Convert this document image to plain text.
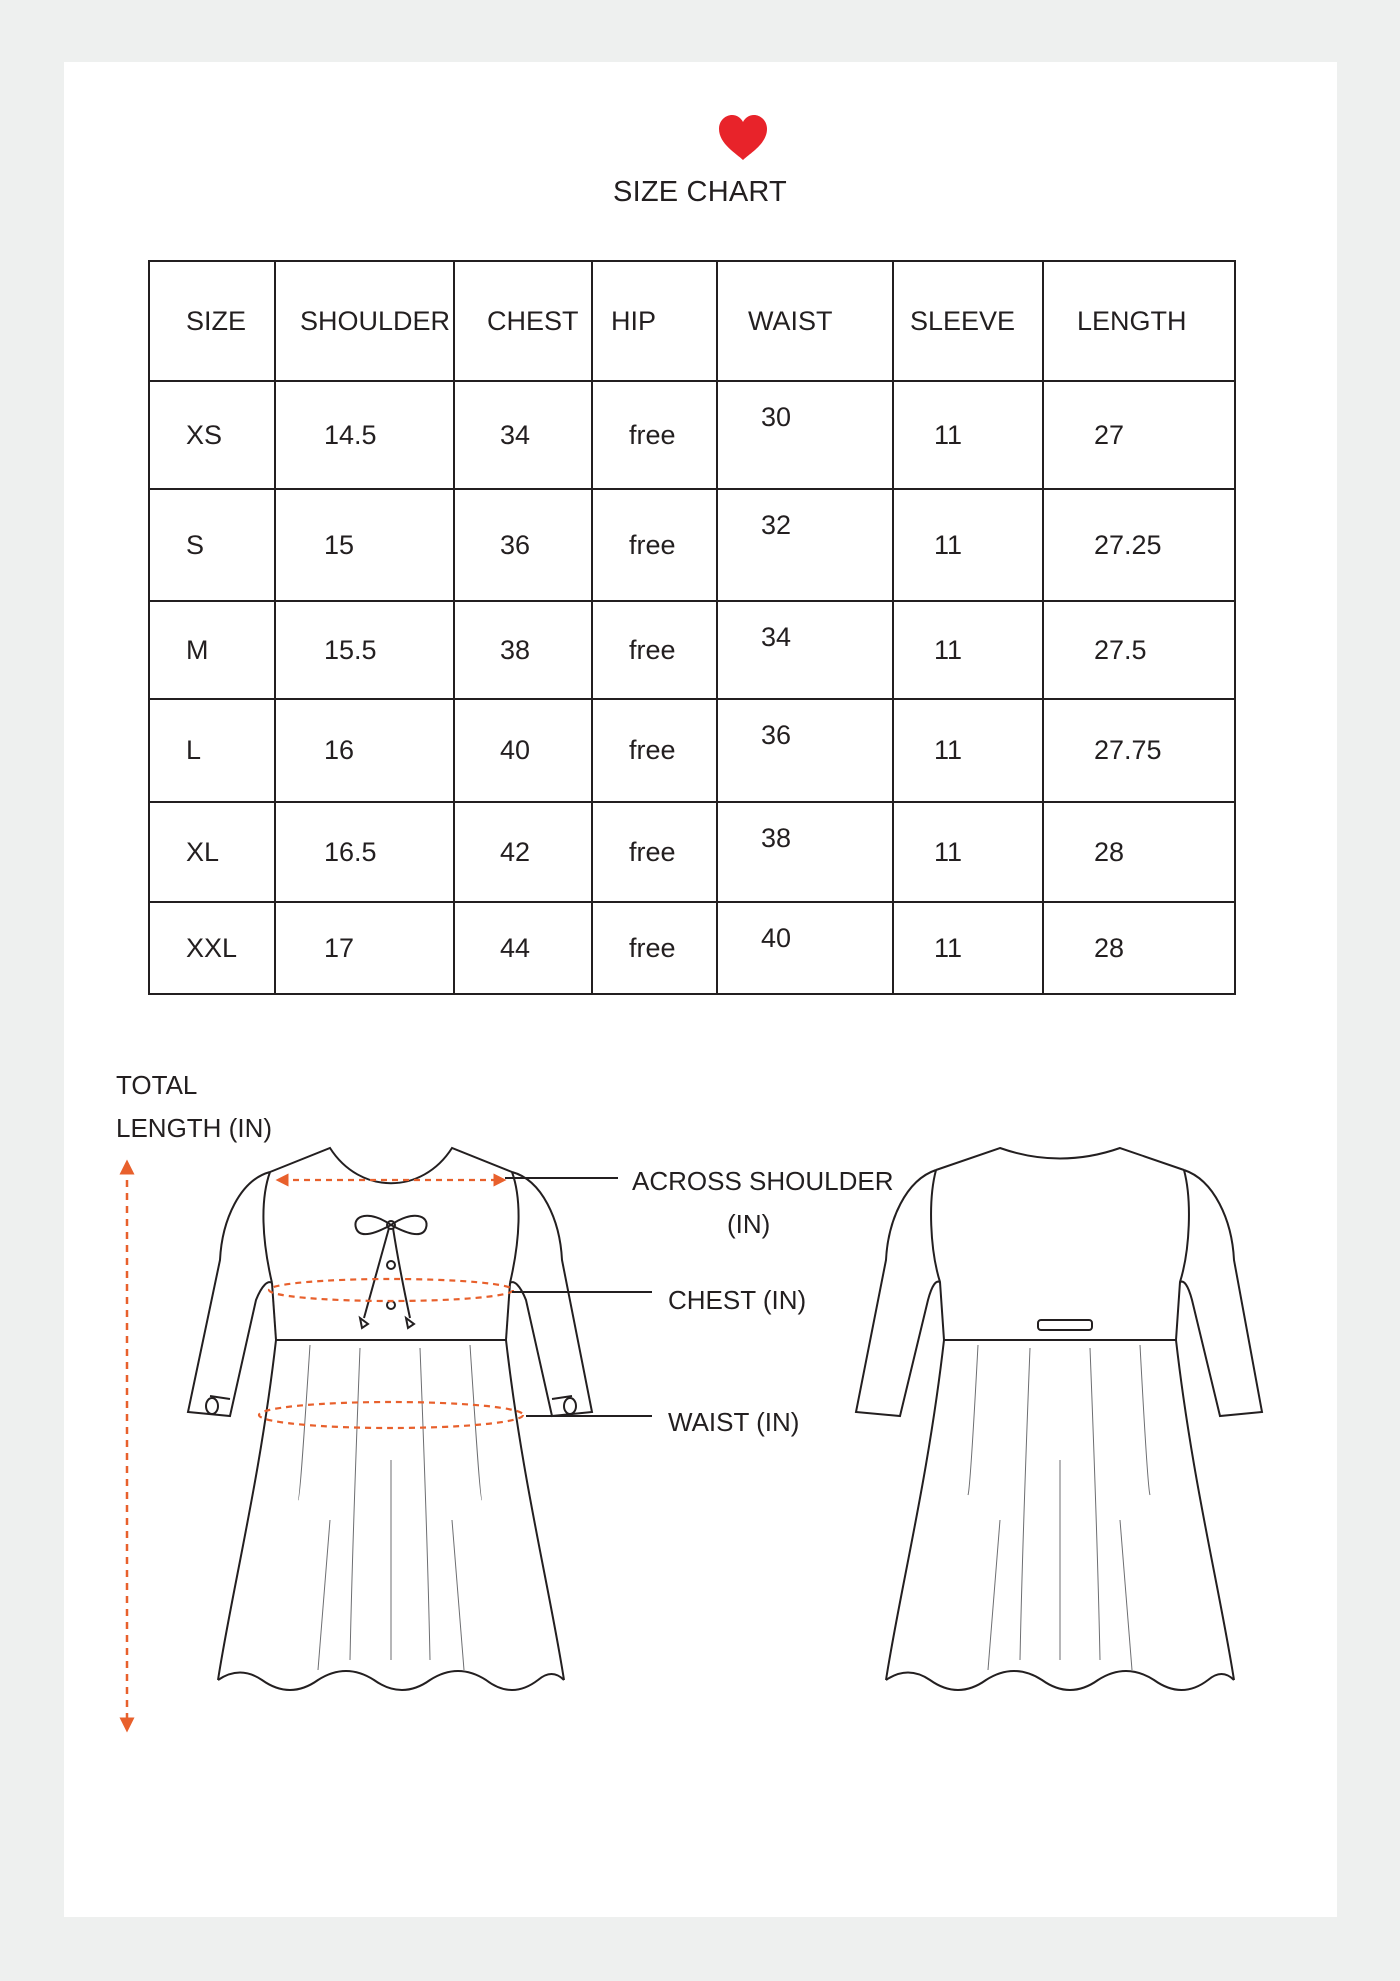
SIZE CHART
SIZE	SHOULDER	CHEST	HIP	WAIST	SLEEVE	LENGTH
XS	14.5	34	free	30	11	27
S	15	36	free	32	11	27.25
M	15.5	38	free	34	11	27.5
L	16	40	free	36	11	27.75
XL	16.5	42	free	38	11	28
XXL	17	44	free	40	11	28
TOTAL
LENGTH (IN)
ACROSS SHOULDER
(IN)
CHEST (IN)
WAIST (IN)
